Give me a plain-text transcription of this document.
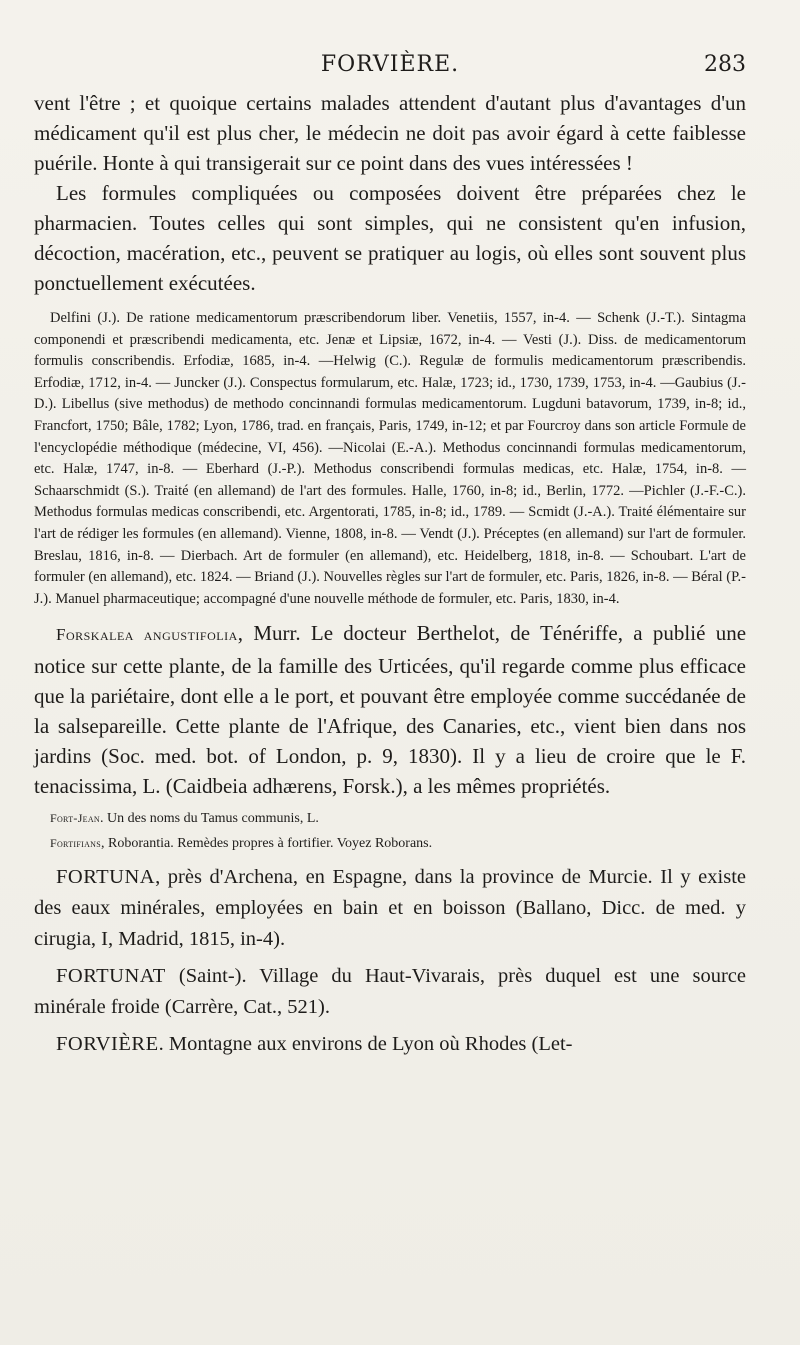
FORVIÈRE.	283

vent l'être ; et quoique certains malades attendent d'autant plus d'avantages d'un médicament qu'il est plus cher, le médecin ne doit pas avoir égard à cette faiblesse puérile. Honte à qui transigerait sur ce point dans des vues intéressées !

Les formules compliquées ou composées doivent être préparées chez le pharmacien. Toutes celles qui sont simples, qui ne consistent qu'en infusion, décoction, macération, etc., peuvent se pratiquer au logis, où elles sont souvent plus ponctuellement exécutées.

Delfini (J.). De ratione medicamentorum præscribendorum liber. Venetiis, 1557, in-4. — Schenk (J.-T.). Sintagma componendi et præscribendi medicamenta, etc. Jenæ et Lipsiæ, 1672, in-4. — Vesti (J.). Diss. de medicamentorum formulis conscribendis. Erfodiæ, 1685, in-4. —Helwig (C.). Regulæ de formulis medicamentorum præscribendis. Erfodiæ, 1712, in-4. — Juncker (J.). Conspectus formularum, etc. Halæ, 1723; id., 1730, 1739, 1753, in-4. —Gaubius (J.-D.). Libellus (sive methodus) de methodo concinnandi formulas medicamentorum. Lugduni batavorum, 1739, in-8; id., Francfort, 1750; Bâle, 1782; Lyon, 1786, trad. en français, Paris, 1749, in-12; et par Fourcroy dans son article Formule de l'encyclopédie méthodique (médecine, VI, 456). —Nicolai (E.-A.). Methodus concinnandi formulas medicamentorum, etc. Halæ, 1747, in-8. — Eberhard (J.-P.). Methodus conscribendi formulas medicas, etc. Halæ, 1754, in-8. — Schaarschmidt (S.). Traité (en allemand) de l'art des formules. Halle, 1760, in-8; id., Berlin, 1772. —Pichler (J.-F.-C.). Methodus formulas medicas conscribendi, etc. Argentorati, 1785, in-8; id., 1789. — Scmidt (J.-A.). Traité élémentaire sur l'art de rédiger les formules (en allemand). Vienne, 1808, in-8. — Vendt (J.). Préceptes (en allemand) sur l'art de formuler. Breslau, 1816, in-8. — Dierbach. Art de formuler (en allemand), etc. Heidelberg, 1818, in-8. — Schoubart. L'art de formuler (en allemand), etc. 1824. — Briand (J.). Nouvelles règles sur l'art de formuler, etc. Paris, 1826, in-8. — Béral (P.-J.). Manuel pharmaceutique; accompagné d'une nouvelle méthode de formuler, etc. Paris, 1830, in-4.

Forskalea angustifolia, Murr. Le docteur Berthelot, de Ténériffe, a publié une notice sur cette plante, de la famille des Urticées, qu'il regarde comme plus efficace que la pariétaire, dont elle a le port, et pouvant être employée comme succédanée de la salsepareille. Cette plante de l'Afrique, des Canaries, etc., vient bien dans nos jardins (Soc. med. bot. of London, p. 9, 1830). Il y a lieu de croire que le F. tenacissima, L. (Caidbeia adhærens, Forsk.), a les mêmes propriétés.

Fort-Jean. Un des noms du Tamus communis, L.

Fortifians, Roborantia. Remèdes propres à fortifier. Voyez Roborans.

FORTUNA, près d'Archena, en Espagne, dans la province de Murcie. Il y existe des eaux minérales, employées en bain et en boisson (Ballano, Dicc. de med. y cirugia, I, Madrid, 1815, in-4).

FORTUNAT (Saint-). Village du Haut-Vivarais, près duquel est une source minérale froide (Carrère, Cat., 521).

FORVIÈRE. Montagne aux environs de Lyon où Rhodes (Let-
